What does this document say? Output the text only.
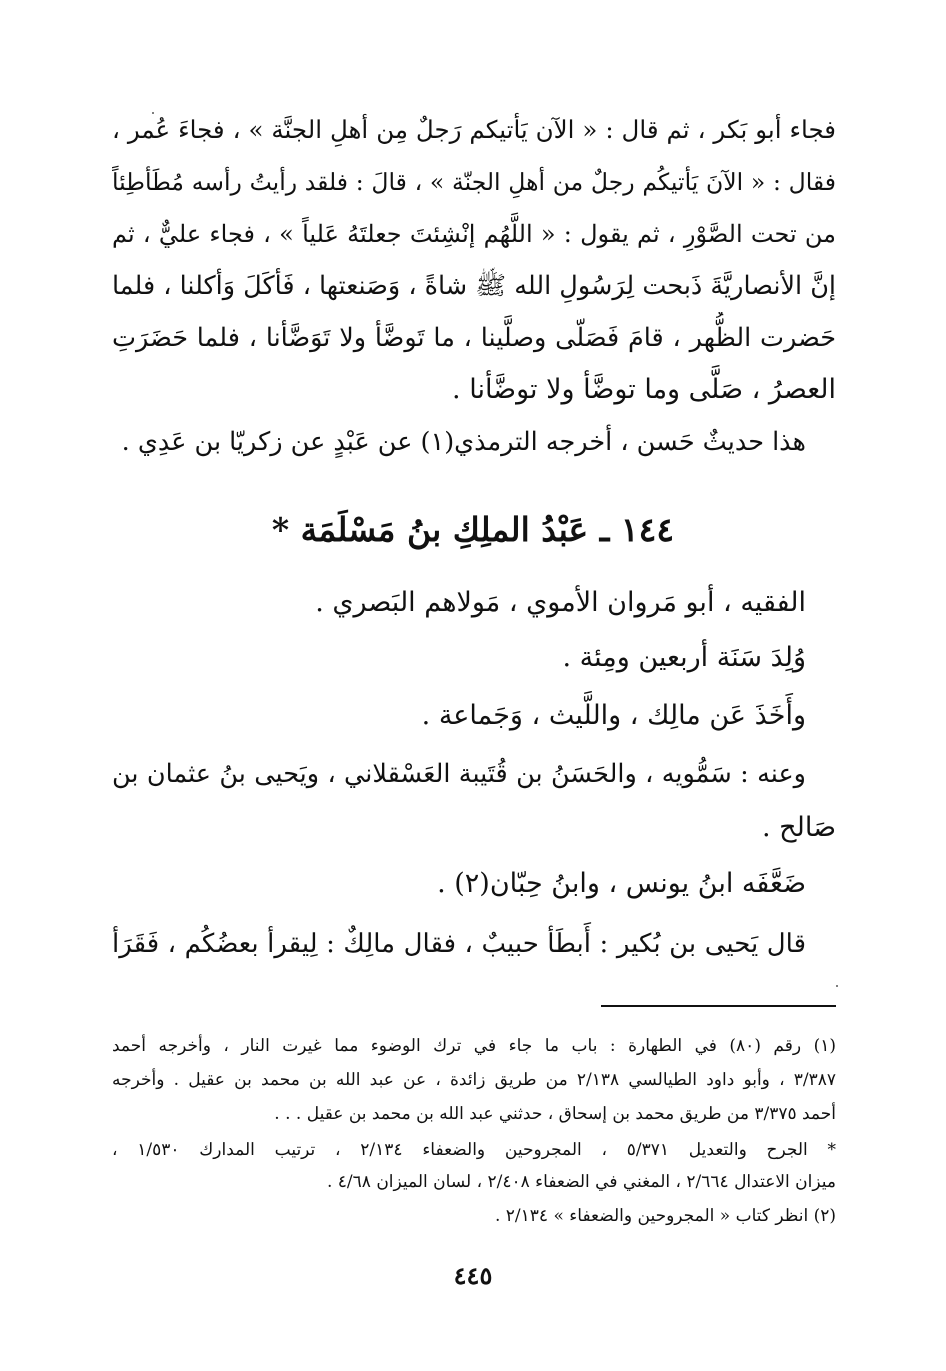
فجاء أبو بَكر ، ثم قال : « الآن يَأتيكم رَجلٌ مِن أهلِ الجنَّة » ، فجاءَ عُمر ،
فقال : « الآنَ يَأتيكُم رجلٌ من أهلِ الجنّة » ، قالَ : فلقد رأيتُ رأسه مُطَأطِئاً
من تحت الصَّوْرِ ، ثم يقول : « اللَّهُم إنْشِئتَ جعلتَهُ عَلياً » ، فجاء عليٌّ ، ثم
إنَّ الأنصاريَّةَ ذَبحت لِرَسُولِ الله ﷺ شاةً ، وَصَنعتها ، فَأكَلَ وَأكلنا ، فلما
حَضرت الظُّهر ، قامَ فَصَلّى وصلَّينا ، ما تَوضَّأ ولا تَوَضَّأنا ، فلما حَضَرَتِ
العصرُ ، صَلَّى وما توضَّأ ولا توضَّأنا .
هذا حديثٌ حَسن ، أخرجه الترمذي(١) عن عَبْدٍ عن زكريّا بن عَدِي .
١٤٤ ـ عَبْدُ الملِكِ بنُ مَسْلَمَة *
الفقيه ، أبو مَروان الأموي ، مَولاهم البَصري .
وُلِدَ سَنَة أربعين ومِئة .
وأَخَذَ عَن مالِك ، واللَّيث ، وَجَماعة .
وعنه : سَمُّويه ، والحَسَنُ بن قُتَيبة العَسْقلاني ، ويَحيى بنُ عثمان بن
صَالح .
ضَعَّفَه ابنُ يونس ، وابنُ حِبّان(٢) .
قال يَحيى بن بُكير : أَبطَأ حبيبٌ ، فقال مالِكٌ : لِيقرأ بعضُكُم ، فَقَرَأ
(١) رقم (٨٠) في الطهارة : باب ما جاء في ترك الوضوء مما غيرت النار ، وأخرجه أحمد
٣/٣٨٧ ، وأبو داود الطيالسي ٢/١٣٨ من طريق زائدة ، عن عبد الله بن محمد بن عقيل . وأخرجه
أحمد ٣/٣٧٥ من طريق محمد بن إسحاق ، حدثني عبد الله بن محمد بن عقيل . . .
* الجرح والتعديل ٥/٣٧١ ، المجروحين والضعفاء ٢/١٣٤ ، ترتيب المدارك ١/٥٣٠ ،
ميزان الاعتدال ٢/٦٦٤ ، المغني في الضعفاء ٢/٤٠٨ ، لسان الميزان ٤/٦٨ .
(٢) انظر كتاب « المجروحين والضعفاء » ٢/١٣٤ .
٤٤٥
